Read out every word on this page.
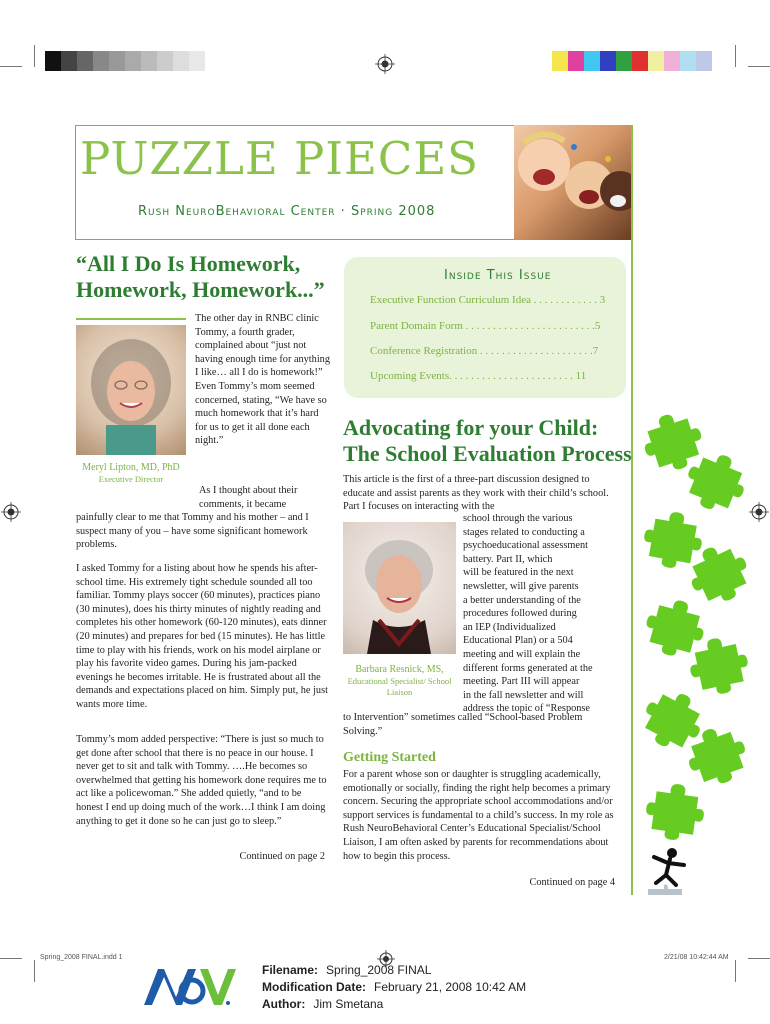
PUZZLE PIECES
Rush NeuroBehavioral Center · Spring 2008
“All I Do Is Homework, Homework, Homework...”
The other day in RNBC clinic Tommy, a fourth grader, complained about “just not having enough time for anything I like… all I do is homework!” Even Tommy’s mom seemed concerned, stating, “We have so much homework that it’s hard for us to get it all done each night.”
Meryl Lipton, MD, PhD
Executive Director
As I thought about their comments, it became
painfully clear to me that Tommy and his mother – and I suspect many of you – have some significant homework problems.
I asked Tommy for a listing about how he spends his after-school time. His extremely tight schedule sounded all too familiar. Tommy plays soccer (60 minutes), practices piano (30 minutes), does his thirty minutes of nightly reading and completes his other homework (60-120 minutes), eats dinner (20 minutes) and prepares for bed (15 minutes). He has little time to play with his friends, work on his model airplane or play his favorite video games. During his jam-packed evenings he becomes irritable. He is frustrated about all the demands and expectations placed on him. Simply put, he just wants more time.
Tommy’s mom added perspective: “There is just so much to get done after school that there is no peace in our house. I never get to sit and talk with Tommy. ….He becomes so overwhelmed that getting his homework done requires me to act like a policewoman.” She added quietly, “and to be honest I end up doing much of the work…I think I am doing anything to get it done so he can just go to sleep.”
Continued on page 2
Inside This Issue
Executive Function Curriculum Idea . . . . . . . . . . . . 3
Parent Domain Form . . . . . . . . . . . . . . . . . . . . . . . .5
Conference Registration . . . . . . . . . . . . . . . . . . . . .7
Upcoming Events. . . . . . . . . . . . . . . . . . . . . . . 11
Advocating for your Child: The School Evaluation Process
This article is the first of a three-part discussion designed to educate and assist parents as they work with their child’s school. Part I focuses on interacting with the
school through the various
stages related to conducting a
psychoeducational assessment
battery. Part II, which
will be featured in the next
newsletter, will give parents
a better understanding of the
procedures followed during
an IEP (Individualized
Educational Plan) or a 504
meeting and will explain the
different forms generated at the
meeting. Part III will appear
in the fall newsletter and will
address the topic of “Response
Barbara Resnick, MS,
Educational Specialist/ School Liaison
to Intervention” sometimes called “School-based Problem Solving.”
Getting Started
For a parent whose son or daughter is struggling academically, emotionally or socially, finding the right help becomes a primary concern. Securing the appropriate school accommodations and/or support services is fundamental to a child’s success. In my role as Rush NeuroBehavioral Center’s Educational Specialist/School Liaison, I am often asked by parents for recommendations about how to begin this process.
Continued on page 4
Spring_2008 FINAL.indd 1	2/21/08 10:42:44 AM
Filename: Spring_2008 FINAL
Modification Date: February 21, 2008 10:42 AM
Author: Jim Smetana
